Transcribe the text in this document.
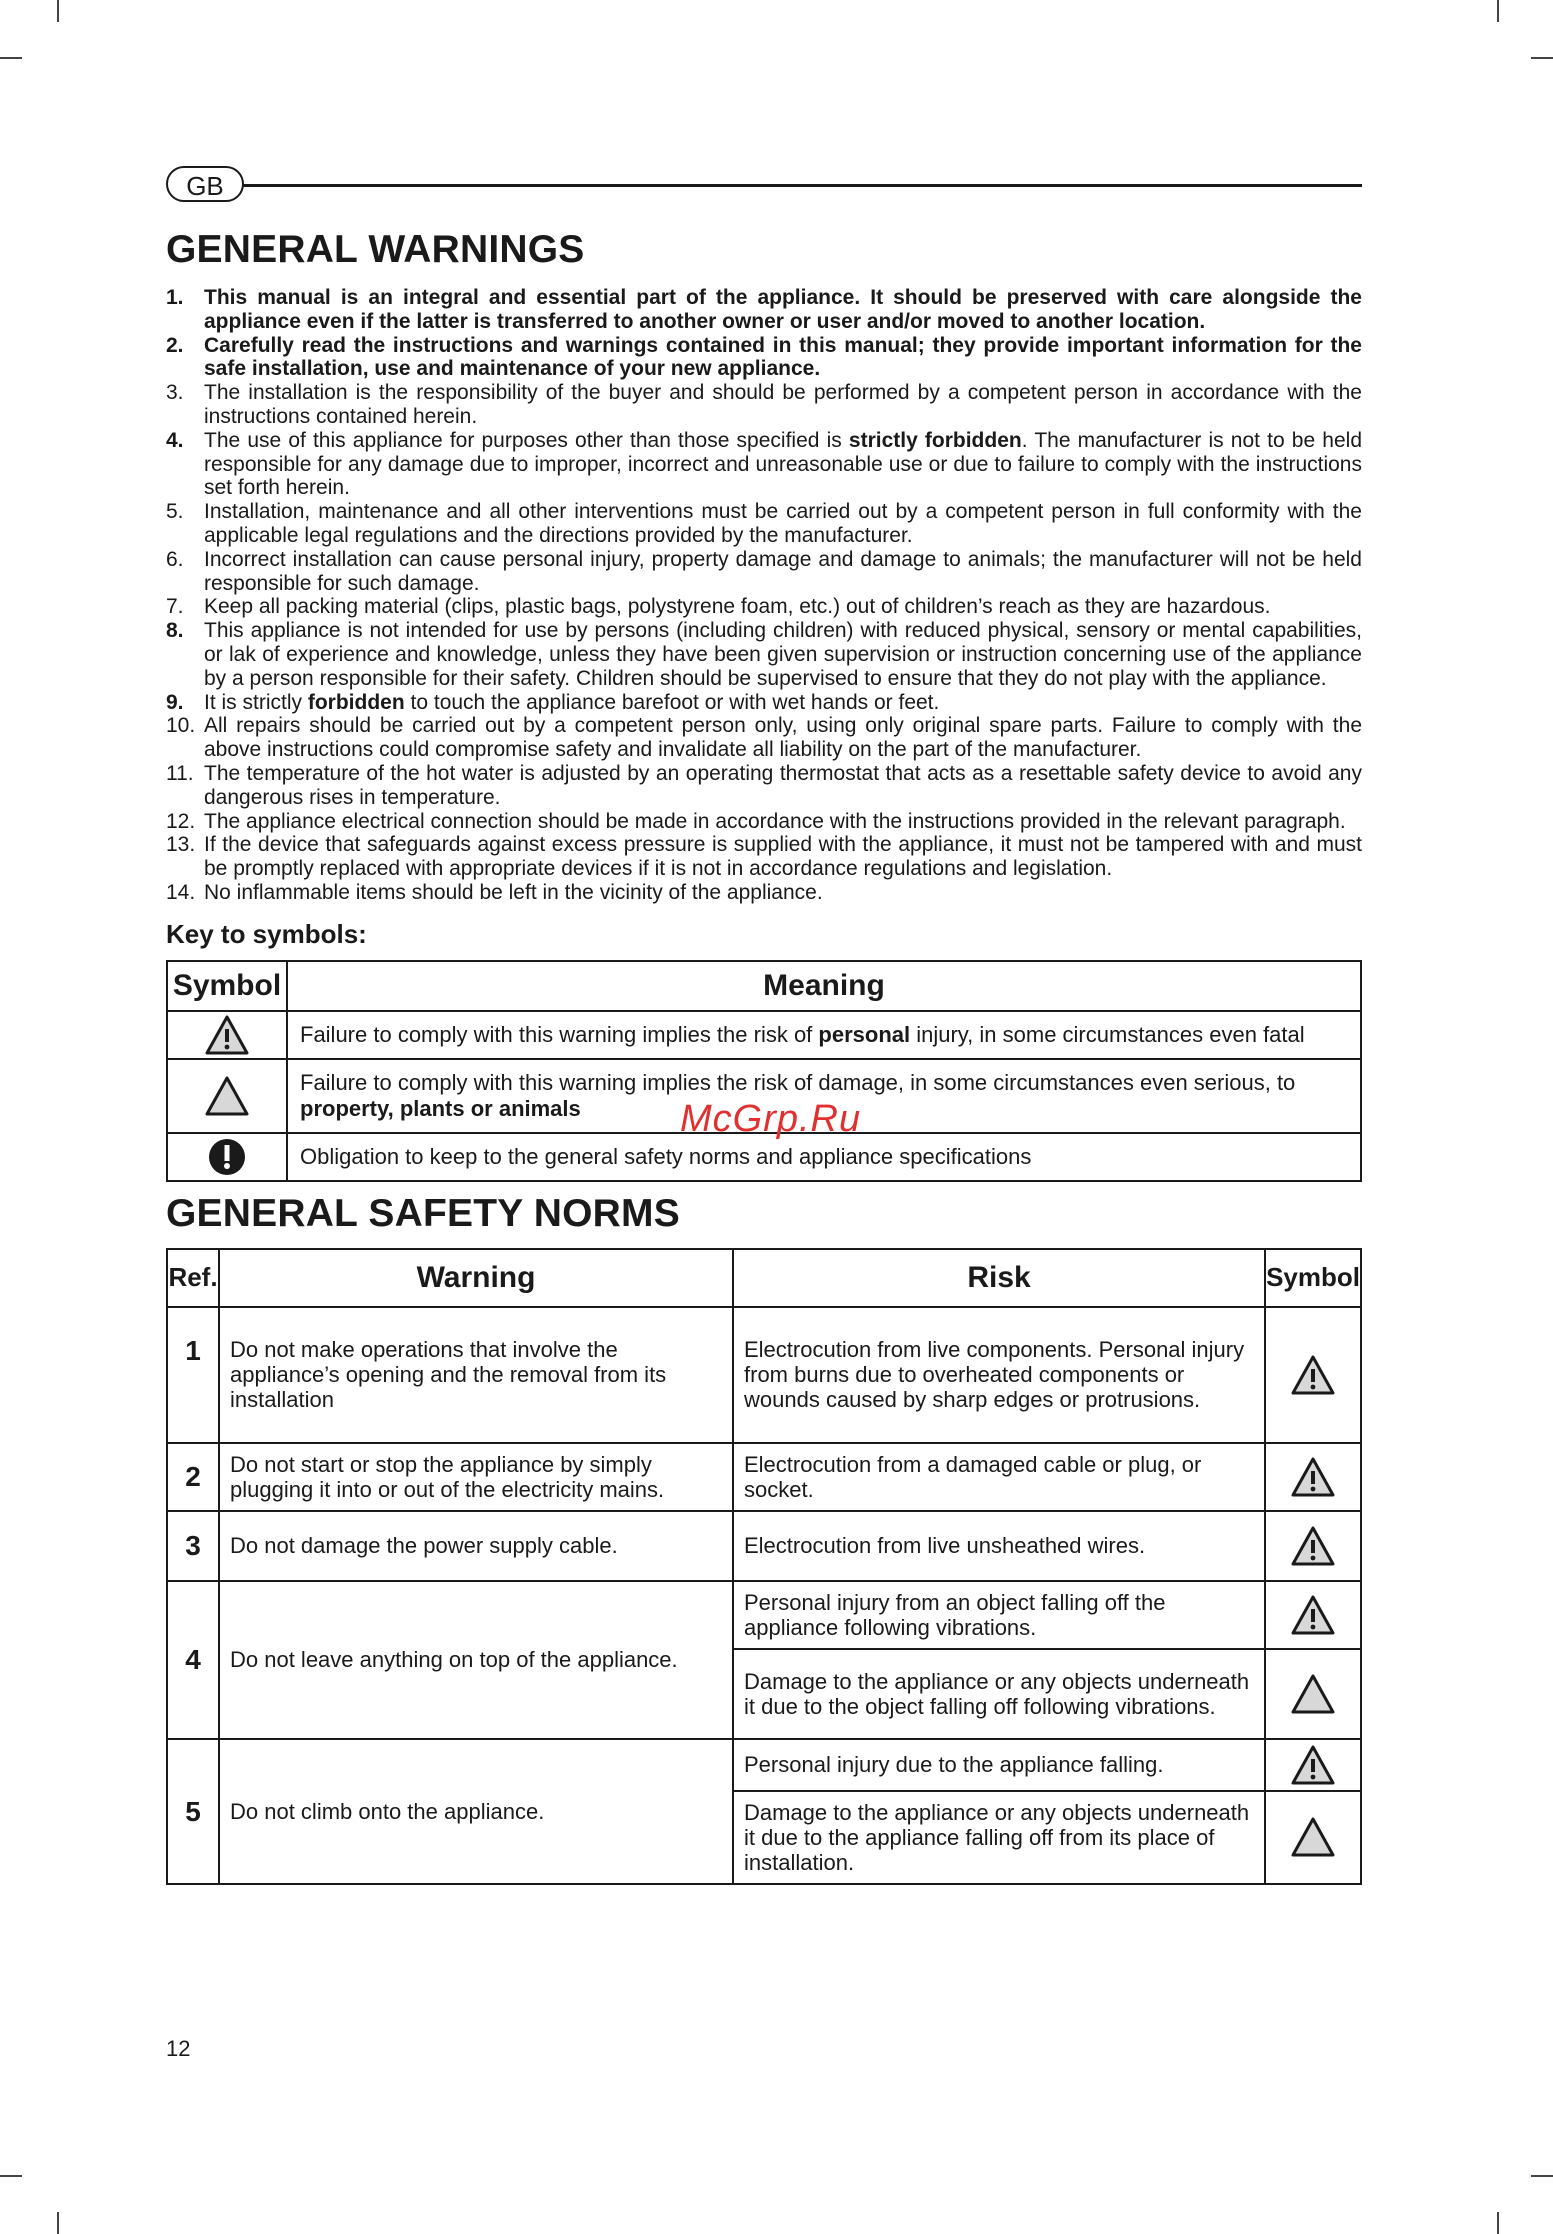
GB
GENERAL WARNINGS
1. This manual is an integral and essential part of the appliance. It should be preserved with care alongside the appliance even if the latter is transferred to another owner or user and/or moved to another location.
2. Carefully read the instructions and warnings contained in this manual; they provide important information for the safe installation, use and maintenance of your new appliance.
3. The installation is the responsibility of the buyer and should be performed by a competent person in accordance with the instructions contained herein.
4. The use of this appliance for purposes other than those specified is strictly forbidden. The manufacturer is not to be held responsible for any damage due to improper, incorrect and unreasonable use or due to failure to comply with the instructions set forth herein.
5. Installation, maintenance and all other interventions must be carried out by a competent person in full conformity with the applicable legal regulations and the directions provided by the manufacturer.
6. Incorrect installation can cause personal injury, property damage and damage to animals; the manufacturer will not be held responsible for such damage.
7. Keep all packing material (clips, plastic bags, polystyrene foam, etc.) out of children’s reach as they are hazardous.
8. This appliance is not intended for use by persons (including children) with reduced physical, sensory or mental capabilities, or lak of experience and knowledge, unless they have been given supervision or instruction concerning use of the appliance by a person responsible for their safety. Children should be supervised to ensure that they do not play with the appliance.
9. It is strictly forbidden to touch the appliance barefoot or with wet hands or feet.
10. All repairs should be carried out by a competent person only, using only original spare parts. Failure to comply with the above instructions could compromise safety and invalidate all liability on the part of the manufacturer.
11. The temperature of the hot water is adjusted by an operating thermostat that acts as a resettable safety device to avoid any dangerous rises in temperature.
12. The appliance electrical connection should be made in accordance with the instructions provided in the relevant paragraph.
13. If the device that safeguards against excess pressure is supplied with the appliance, it must not be tampered with and must be promptly replaced with appropriate devices if it is not in accordance regulations and legislation.
14. No inflammable items should be left in the vicinity of the appliance.
Key to symbols:
Symbol	Meaning
	Failure to comply with this warning implies the risk of personal injury, in some circumstances even fatal
	Failure to comply with this warning implies the risk of damage, in some circumstances even serious, to property, plants or animals
	Obligation to keep to the general safety norms and appliance specifications
GENERAL SAFETY NORMS
Ref.	Warning	Risk	Symbol
1	Do not make operations that involve the appliance’s opening and the removal from its installation	Electrocution from live components. Personal injury from burns due to overheated components or wounds caused by sharp edges or protrusions.	
2	Do not start or stop the appliance by simply plugging it into or out of the electricity mains.	Electrocution from a damaged cable or plug, or socket.	
3	Do not damage the power supply cable.	Electrocution from live unsheathed wires.	
4	Do not leave anything on top of the appliance.	Personal injury from an object falling off the appliance following vibrations.	
		Damage to the appliance or any objects underneath it due to the object falling off following vibrations.	
5	Do not climb onto the appliance.	Personal injury due to the appliance falling.	
		Damage to the appliance or any objects underneath it due to the appliance falling off from its place of installation.	
12
McGrp.Ru
